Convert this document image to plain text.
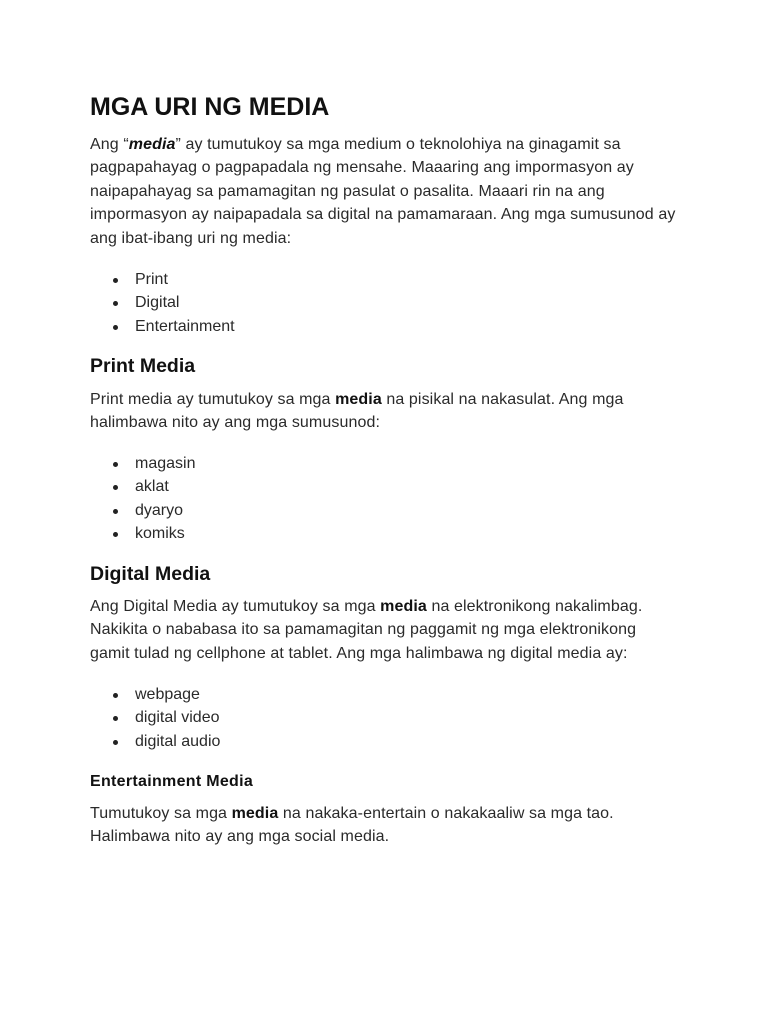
MGA URI NG MEDIA

Ang “media” ay tumutukoy sa mga medium o teknolohiya na ginagamit sa pagpapahayag o pagpapadala ng mensahe. Maaaring ang impormasyon ay naipapahayag sa pamamagitan ng pasulat o pasalita. Maaari rin na ang impormasyon ay naipapadala sa digital na pamamaraan. Ang mga sumusunod ay ang ibat-ibang uri ng media:

Print
Digital
Entertainment
Print Media

Print media ay tumutukoy sa mga media na pisikal na nakasulat. Ang mga halimbawa nito ay ang mga sumusunod:

magasin
aklat
dyaryo
komiks
Digital Media

Ang Digital Media ay tumutukoy sa mga media na elektronikong nakalimbag. Nakikita o nababasa ito sa pamamagitan ng paggamit ng mga elektronikong gamit tulad ng cellphone at tablet. Ang mga halimbawa ng digital media ay:

webpage
digital video
digital audio
Entertainment Media

Tumutukoy sa mga media na nakaka-entertain o nakakaaliw sa mga tao. Halimbawa nito ay ang mga social media.
